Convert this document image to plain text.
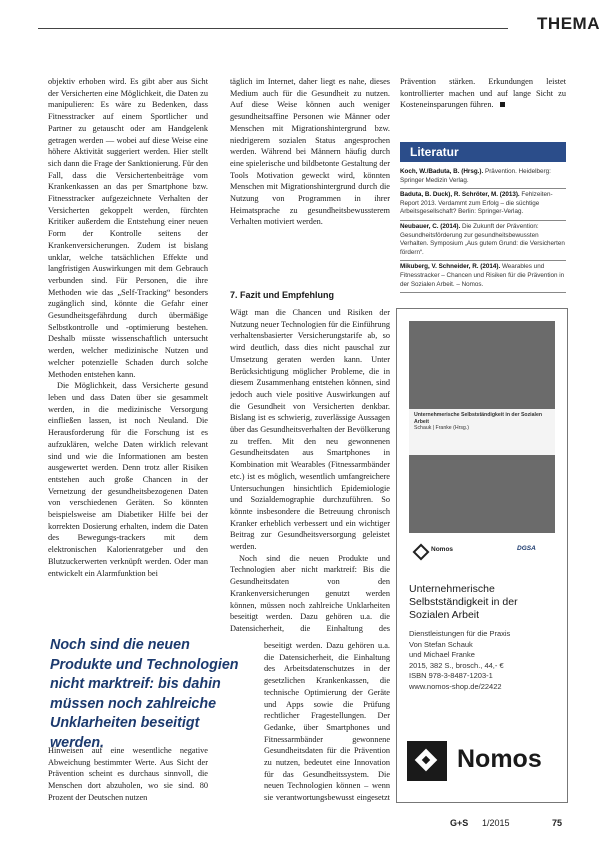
THEMA

objektiv erhoben wird. Es gibt aber aus Sicht der Versicherten eine Möglichkeit, die Daten zu manipulieren: Es wäre zu Bedenken, dass Fitnesstracker auf einem Sportlicher und Partner zu getauscht oder am Handgelenk getragen werden — wobei auf diese Weise eine höhere Aktivität suggeriert werden. Hier stellt sich dann die Frage der Sanktionierung. Für den Fall, dass die Versichertenbeiträge vom Krankenkassen an das per Smartphone bzw. Fitnesstracker aufgezeichnete Verhalten der Versicherten gekoppelt werden, fürchten Kritiker außerdem die Entstehung einer neuen Form der Kontrolle seitens der Krankenversicherungen. Zudem ist bislang unklar, welche tatsächlichen Effekte und langfristigen Auswirkungen mit dem Gebrauch verbunden sind. Für Personen, die ihre Methoden wie das „Self-Tracking“ besonders zugänglich sind, könnte die Gefahr einer Gesundheitsgefährdung durch übermäßige Selbstkontrolle und -optimierung bestehen. Deshalb müsste wissenschaftlich untersucht werden, welcher medizinische Nutzen und welcher potenzielle Schaden durch solche Methoden entstehen kann.

Die Möglichkeit, dass Versicherte gesund leben und dass Daten über sie gesammelt werden, in die medizinische Versorgung einfließen lassen, ist noch Neuland. Die Herausforderung für die Forschung ist es aufzuklären, welche Daten wirklich relevant sind und wie die Informationen am besten ausgewertet werden. Denn trotz aller Risiken entstehen auch große Chancen in der Vernetzung der gesundheitsbezogenen Daten von verschiedenen Geräten. So könnten beispielsweise am Diabetiker Hilfe bei der korrekten Dosierung erhalten, indem die Daten des Bewegungs-trackers mit dem elektronischen Kalorienratgeber und den Blutzuckerwerten verknüpft werden. Oder man entwickelt ein Alarmfunktion bei

Noch sind die neuen Produkte und Technologien nicht marktreif: bis dahin müssen noch zahlreiche Unklarheiten beseitigt werden.

Hinweisen auf eine wesentliche negative Abweichung bestimmter Werte. Aus Sicht der Prävention scheint es durchaus sinnvoll, die Menschen dort abzuholen, wo sie sind. 80 Prozent der Deutschen nutzen

täglich im Internet, daher liegt es nahe, dieses Medium auch für die Gesundheit zu nutzen. Auf diese Weise können auch weniger gesundheitsaffine Personen wie Männer oder Menschen mit Migrationshintergrund bzw. niedrigerem sozialen Status angesprochen werden. Während bei Männern häufig durch eine spielerische und bildbetonte Gestaltung der Tools Motivation geweckt wird, könnten Menschen mit Migrationshintergrund durch die Nutzung von Programmen in ihrer Heimatsprache zu gesundheitsbewussterem Verhalten motiviert werden.

7. Fazit und Empfehlung

Wägt man die Chancen und Risiken der Nutzung neuer Technologien für die Einführung verhaltensbasierter Versicherungstarife ab, so wird deutlich, dass dies nicht pauschal zur Umsetzung geraten werden kann. Unter Berücksichtigung möglicher Probleme, die in diesem Zusammenhang entstehen können, sind jedoch auch viele positive Auswirkungen auf die Gesundheit von Versicherten denkbar. Bislang ist es schwierig, zuverlässige Aussagen über das Gesundheitsverhalten der Bevölkerung zu treffen. Mit den neu gewonnenen Gesundheitsdaten aus Smartphones in Kombination mit Wearables (Fitnessarmbänder etc.) ist es möglich, wesentlich umfangreichere Untersuchungen hinsichtlich Epidemiologie und Sozialdemographie durchzuführen. So könnte insbesondere die Betreuung chronisch Kranker erheblich verbessert und ein wichtiger Beitrag zur Gesundheitsversorgung geleistet werden.

Noch sind die neuen Produkte und Technologien aber nicht marktreif: Bis die Gesundheitsdaten von den Krankenversicherungen genutzt werden können, müssen noch zahlreiche Unklarheiten beseitigt werden. Dazu gehören u.a. die Datensicherheit, die Einhaltung des

beseitigt werden. Dazu gehören u.a. die Datensicherheit, die Einhaltung des Arbeitsdatenschutzes in der gesetzlichen Krankenkassen, die technische Optimierung der Geräte und Apps sowie die Prüfung rechtlicher Fragestellungen. Der Gedanke, über Smartphones und Fitnessarmbänder gewonnene Gesundheitsdaten für die Prävention zu nutzen, bedeutet eine Innovation für das Gesundheitssystem. Die neuen Technologien können – wenn sie verantwortungsbewusst eingesetzt

Prävention stärken. Erkundungen leistet kontrollierter machen und auf lange Sicht zu Kosteneinsparungen führen.

Literatur
Koch, W./Baduta, B. (Hrsg.). Prävention. Heidelberg: Springer Medizin Verlag.
Baduta, B. Duck), R. Schröter, M. (2013). Fehlzeiten-Report 2013. Verdammt zum Erfolg – die süchtige Arbeitsgesellschaft? Berlin: Springer-Verlag.
Neubauer, C. (2014). Die Zukunft der Prävention: Gesundheitsförderung zur gesundheitsbewussten Verhalten. Symposium „Aus gutem Grund: die Versicherten fördern“.
Mikuberg, V. Schneider, R. (2014). Wearables und Fitnesstracker – Chancen und Risiken für die Prävention in der Sozialen Arbeit. – Nomos.
Unternehmerische Selbstständigkeit in der Sozialen Arbeit
Schauk | Franke (Hrsg.)
Nomos	DGSA
Unternehmerische Selbstständigkeit in der Sozialen Arbeit
Dienstleistungen für die Praxis
Von Stefan Schauk
und Michael Franke
2015, 382 S., brosch., 44,- €
ISBN 978-3-8487-1203-1
www.nomos-shop.de/22422
Nomos
G+S 1/2015	75
